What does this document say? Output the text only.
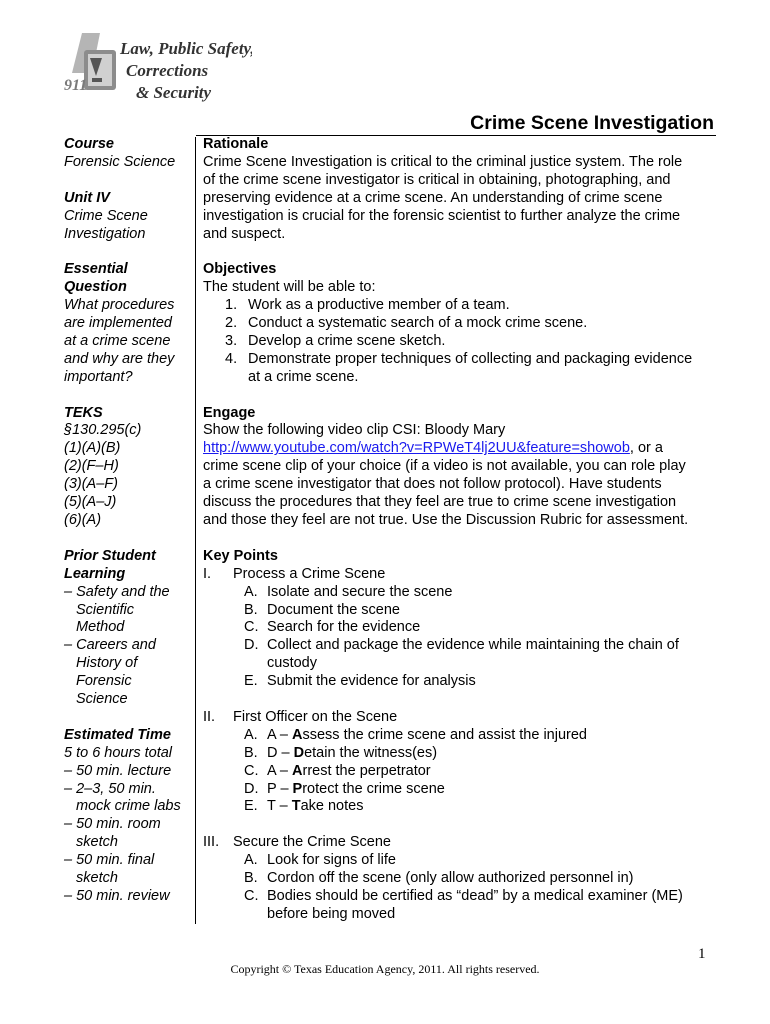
911
Law, Public Safety,
Corrections
& Security
Crime Scene Investigation
Course
Forensic Science
Unit IV
Crime Scene
Investigation
Essential
Question
What procedures
are implemented
at a crime scene
and why are they
important?
TEKS
§130.295(c)
(1)(A)(B)
(2)(F–H)
(3)(A–F)
(5)(A–J)
(6)(A)
Prior Student
Learning
– Safety and the
Scientific
Method
– Careers and
History of
Forensic
Science
Estimated Time
5 to 6 hours total
– 50 min. lecture
– 2–3, 50 min.
mock crime labs
– 50 min. room
sketch
– 50 min. final
sketch
– 50 min. review
Rationale
Crime Scene Investigation is critical to the criminal justice system. The role
of the crime scene investigator is critical in obtaining, photographing, and
preserving evidence at a crime scene. An understanding of crime scene
investigation is crucial for the forensic scientist to further analyze the crime
and suspect.
Objectives
The student will be able to:
1. Work as a productive member of a team.
2. Conduct a systematic search of a mock crime scene.
3. Develop a crime scene sketch.
4. Demonstrate proper techniques of collecting and packaging evidence
at a crime scene.
Engage
Show the following video clip CSI: Bloody Mary
http://www.youtube.com/watch?v=RPWeT4lj2UU&feature=showob, or a
crime scene clip of your choice (if a video is not available, you can role play
a crime scene investigator that does not follow protocol). Have students
discuss the procedures that they feel are true to crime scene investigation
and those they feel are not true. Use the Discussion Rubric for assessment.
Key Points
I. Process a Crime Scene
A. Isolate and secure the scene
B. Document the scene
C. Search for the evidence
D. Collect and package the evidence while maintaining the chain of
custody
E. Submit the evidence for analysis
II. First Officer on the Scene
A. A – Assess the crime scene and assist the injured
B. D – Detain the witness(es)
C. A – Arrest the perpetrator
D. P – Protect the crime scene
E. T – Take notes
III. Secure the Crime Scene
A. Look for signs of life
B. Cordon off the scene (only allow authorized personnel in)
C. Bodies should be certified as “dead” by a medical examiner (ME)
before being moved
1
Copyright © Texas Education Agency, 2011. All rights reserved.
